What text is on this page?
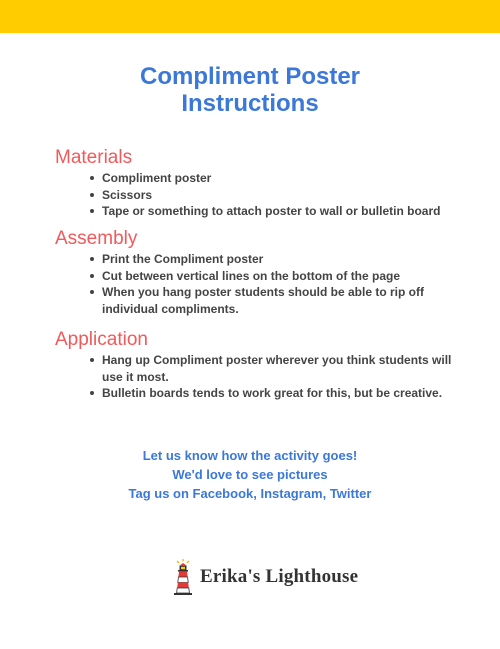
Compliment Poster
Instructions
Materials
Compliment poster
Scissors
Tape or something to attach poster to wall or bulletin board
Assembly
Print the Compliment poster
Cut between vertical lines on the bottom of the page
When you hang poster students should be able to rip off individual compliments.
Application
Hang up Compliment poster wherever you think students will use it most.
Bulletin boards tends to work great for this, but be creative.
Let us know how the activity goes!
We'd love to see pictures
Tag us on Facebook, Instagram, Twitter
Erika's Lighthouse
